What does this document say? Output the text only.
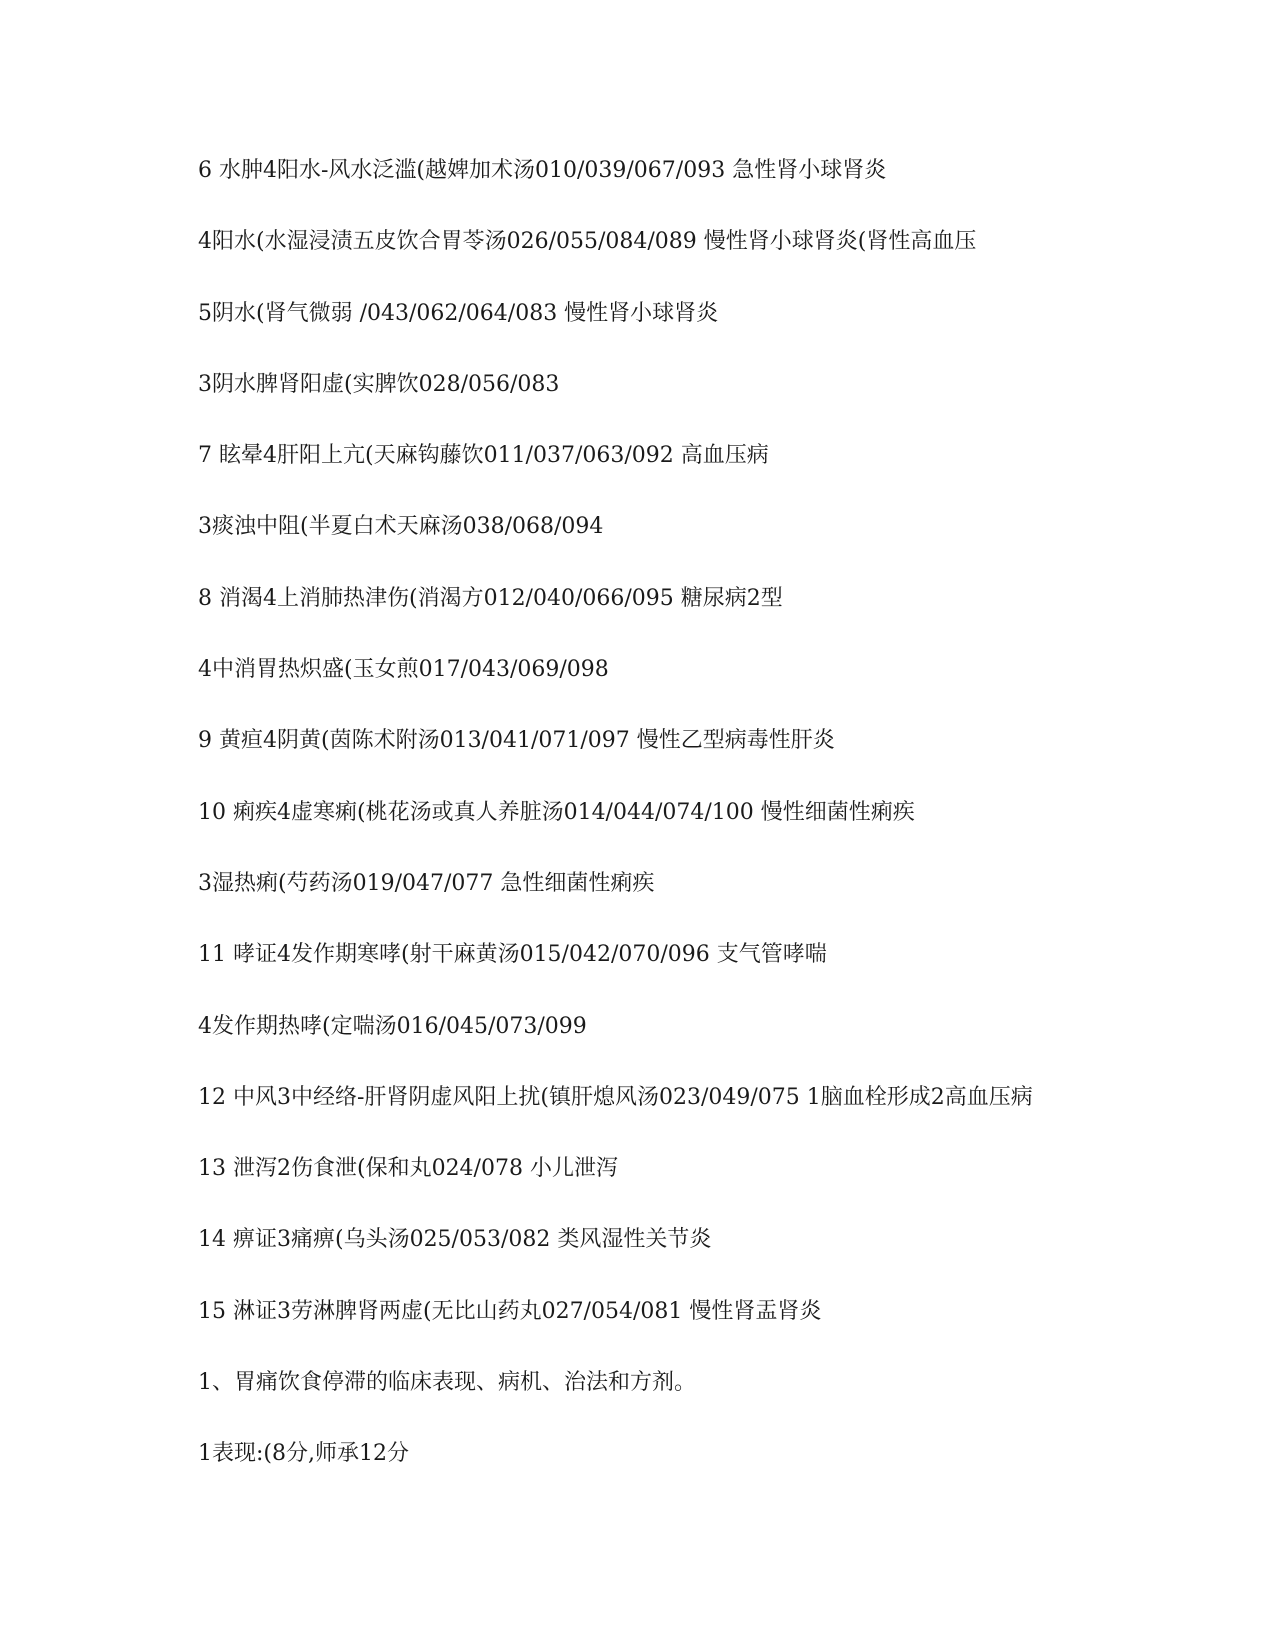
6 水肿4阳水-风水泛滥(越婢加术汤010/039/067/093 急性肾小球肾炎
4阳水(水湿浸渍五皮饮合胃苓汤026/055/084/089 慢性肾小球肾炎(肾性高血压
5阴水(肾气微弱 /043/062/064/083 慢性肾小球肾炎
3阴水脾肾阳虚(实脾饮028/056/083
7 眩晕4肝阳上亢(天麻钩藤饮011/037/063/092 高血压病
3痰浊中阻(半夏白术天麻汤038/068/094
8 消渴4上消肺热津伤(消渴方012/040/066/095 糖尿病2型
4中消胃热炽盛(玉女煎017/043/069/098
9 黄疸4阴黄(茵陈术附汤013/041/071/097 慢性乙型病毒性肝炎
10 痢疾4虚寒痢(桃花汤或真人养脏汤014/044/074/100 慢性细菌性痢疾
3湿热痢(芍药汤019/047/077 急性细菌性痢疾
11 哮证4发作期寒哮(射干麻黄汤015/042/070/096 支气管哮喘
4发作期热哮(定喘汤016/045/073/099
12 中风3中经络-肝肾阴虚风阳上扰(镇肝熄风汤023/049/075 1脑血栓形成2高血压病
13 泄泻2伤食泄(保和丸024/078 小儿泄泻
14 痹证3痛痹(乌头汤025/053/082 类风湿性关节炎
15 淋证3劳淋脾肾两虚(无比山药丸027/054/081 慢性肾盂肾炎
1、胃痛饮食停滞的临床表现、病机、治法和方剂。
1表现:(8分,师承12分
